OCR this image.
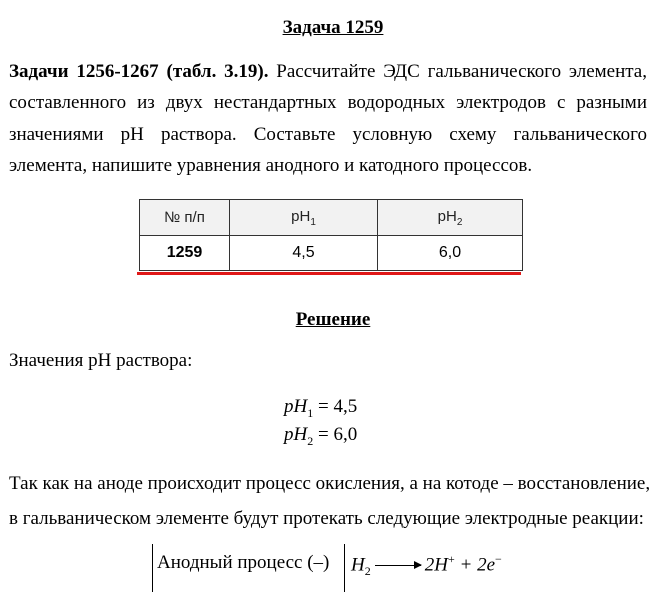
Задача 1259
Задачи 1256-1267 (табл. 3.19). Рассчитайте ЭДС гальванического элемента, составленного из двух нестандартных водородных электродов с разными значениями pH раствора. Составьте условную схему гальванического элемента, напишите уравнения анодного и катодного процессов.
№ п/п	$pH_1$	$pH_2$
1259	4,5	6,0
Решение
Значения pH раствора:
$pH_1 = 4,5$
$pH_2 = 6,0$
Так как на аноде происходит процесс окисления, а на котоде – восстановление,
в гальваническом элементе будут протекать следующие электродные реакции:
Анодный процесс (–) $H_2 \to 2H^+ + 2e^-$
